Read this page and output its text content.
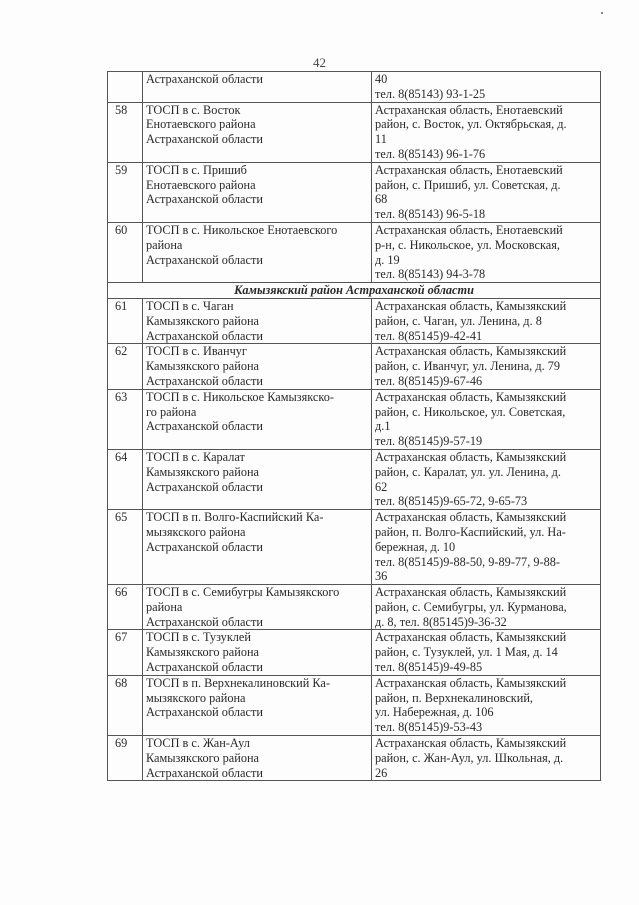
42

	Астраханской области	40
тел. 8(85143) 93-1-25

58	ТОСП в с. Восток
Енотаевского района
Астраханской области	Астраханская область, Енотаевский
район, с. Восток, ул. Октябрьская, д.
11
тел. 8(85143) 96-1-76

59	ТОСП в с. Пришиб
Енотаевского района
Астраханской области	Астраханская область, Енотаевский
район, с. Пришиб, ул. Советская, д.
68
тел. 8(85143) 96-5-18

60	ТОСП в с. Никольское Енотаевского
района
Астраханской области	Астраханская область, Енотаевский
р-н, с. Никольское, ул. Московская,
д. 19
тел. 8(85143) 94-3-78

Камызякский район Астраханской области		
61	ТОСП в с. Чаган
Камызякского района
Астраханской области	Астраханская область, Камызякский
район, с. Чаган, ул. Ленина, д. 8
тел. 8(85145)9-42-41

62	ТОСП в с. Иванчуг
Камызякского района
Астраханской области	Астраханская область, Камызякский
район, с. Иванчуг, ул. Ленина, д. 79
тел. 8(85145)9-67-46

63	ТОСП в с. Никольское Камызякско-
го района
Астраханской области	Астраханская область, Камызякский
район, с. Никольское, ул. Советская,
д.1
тел. 8(85145)9-57-19

64	ТОСП в с. Каралат
Камызякского района
Астраханской области	Астраханская область, Камызякский
район, с. Каралат, ул. ул. Ленина, д.
62
тел. 8(85145)9-65-72, 9-65-73

65	ТОСП в п. Волго-Каспийский Ка-
мызякского района
Астраханской области	Астраханская область, Камызякский
район, п. Волго-Каспийский, ул. На-
бережная, д. 10
тел. 8(85145)9-88-50, 9-89-77, 9-88-
36

66	ТОСП в с. Семибугры Камызякского
района
Астраханской области	Астраханская область, Камызякский
район, с. Семибугры, ул. Курманова,
д. 8, тел. 8(85145)9-36-32

67	ТОСП в с. Тузуклей
Камызякского района
Астраханской области	Астраханская область, Камызякский
район, с. Тузуклей, ул. 1 Мая, д. 14
тел. 8(85145)9-49-85

68	ТОСП в п. Верхнекалиновский Ка-
мызякского района
Астраханской области	Астраханская область, Камызякский
район, п. Верхнекалиновский,
ул. Набережная, д. 106
тел. 8(85145)9-53-43

69	ТОСП в с. Жан-Аул
Камызякского района
Астраханской области	Астраханская область, Камызякский
район, с. Жан-Аул, ул. Школьная, д.
26
